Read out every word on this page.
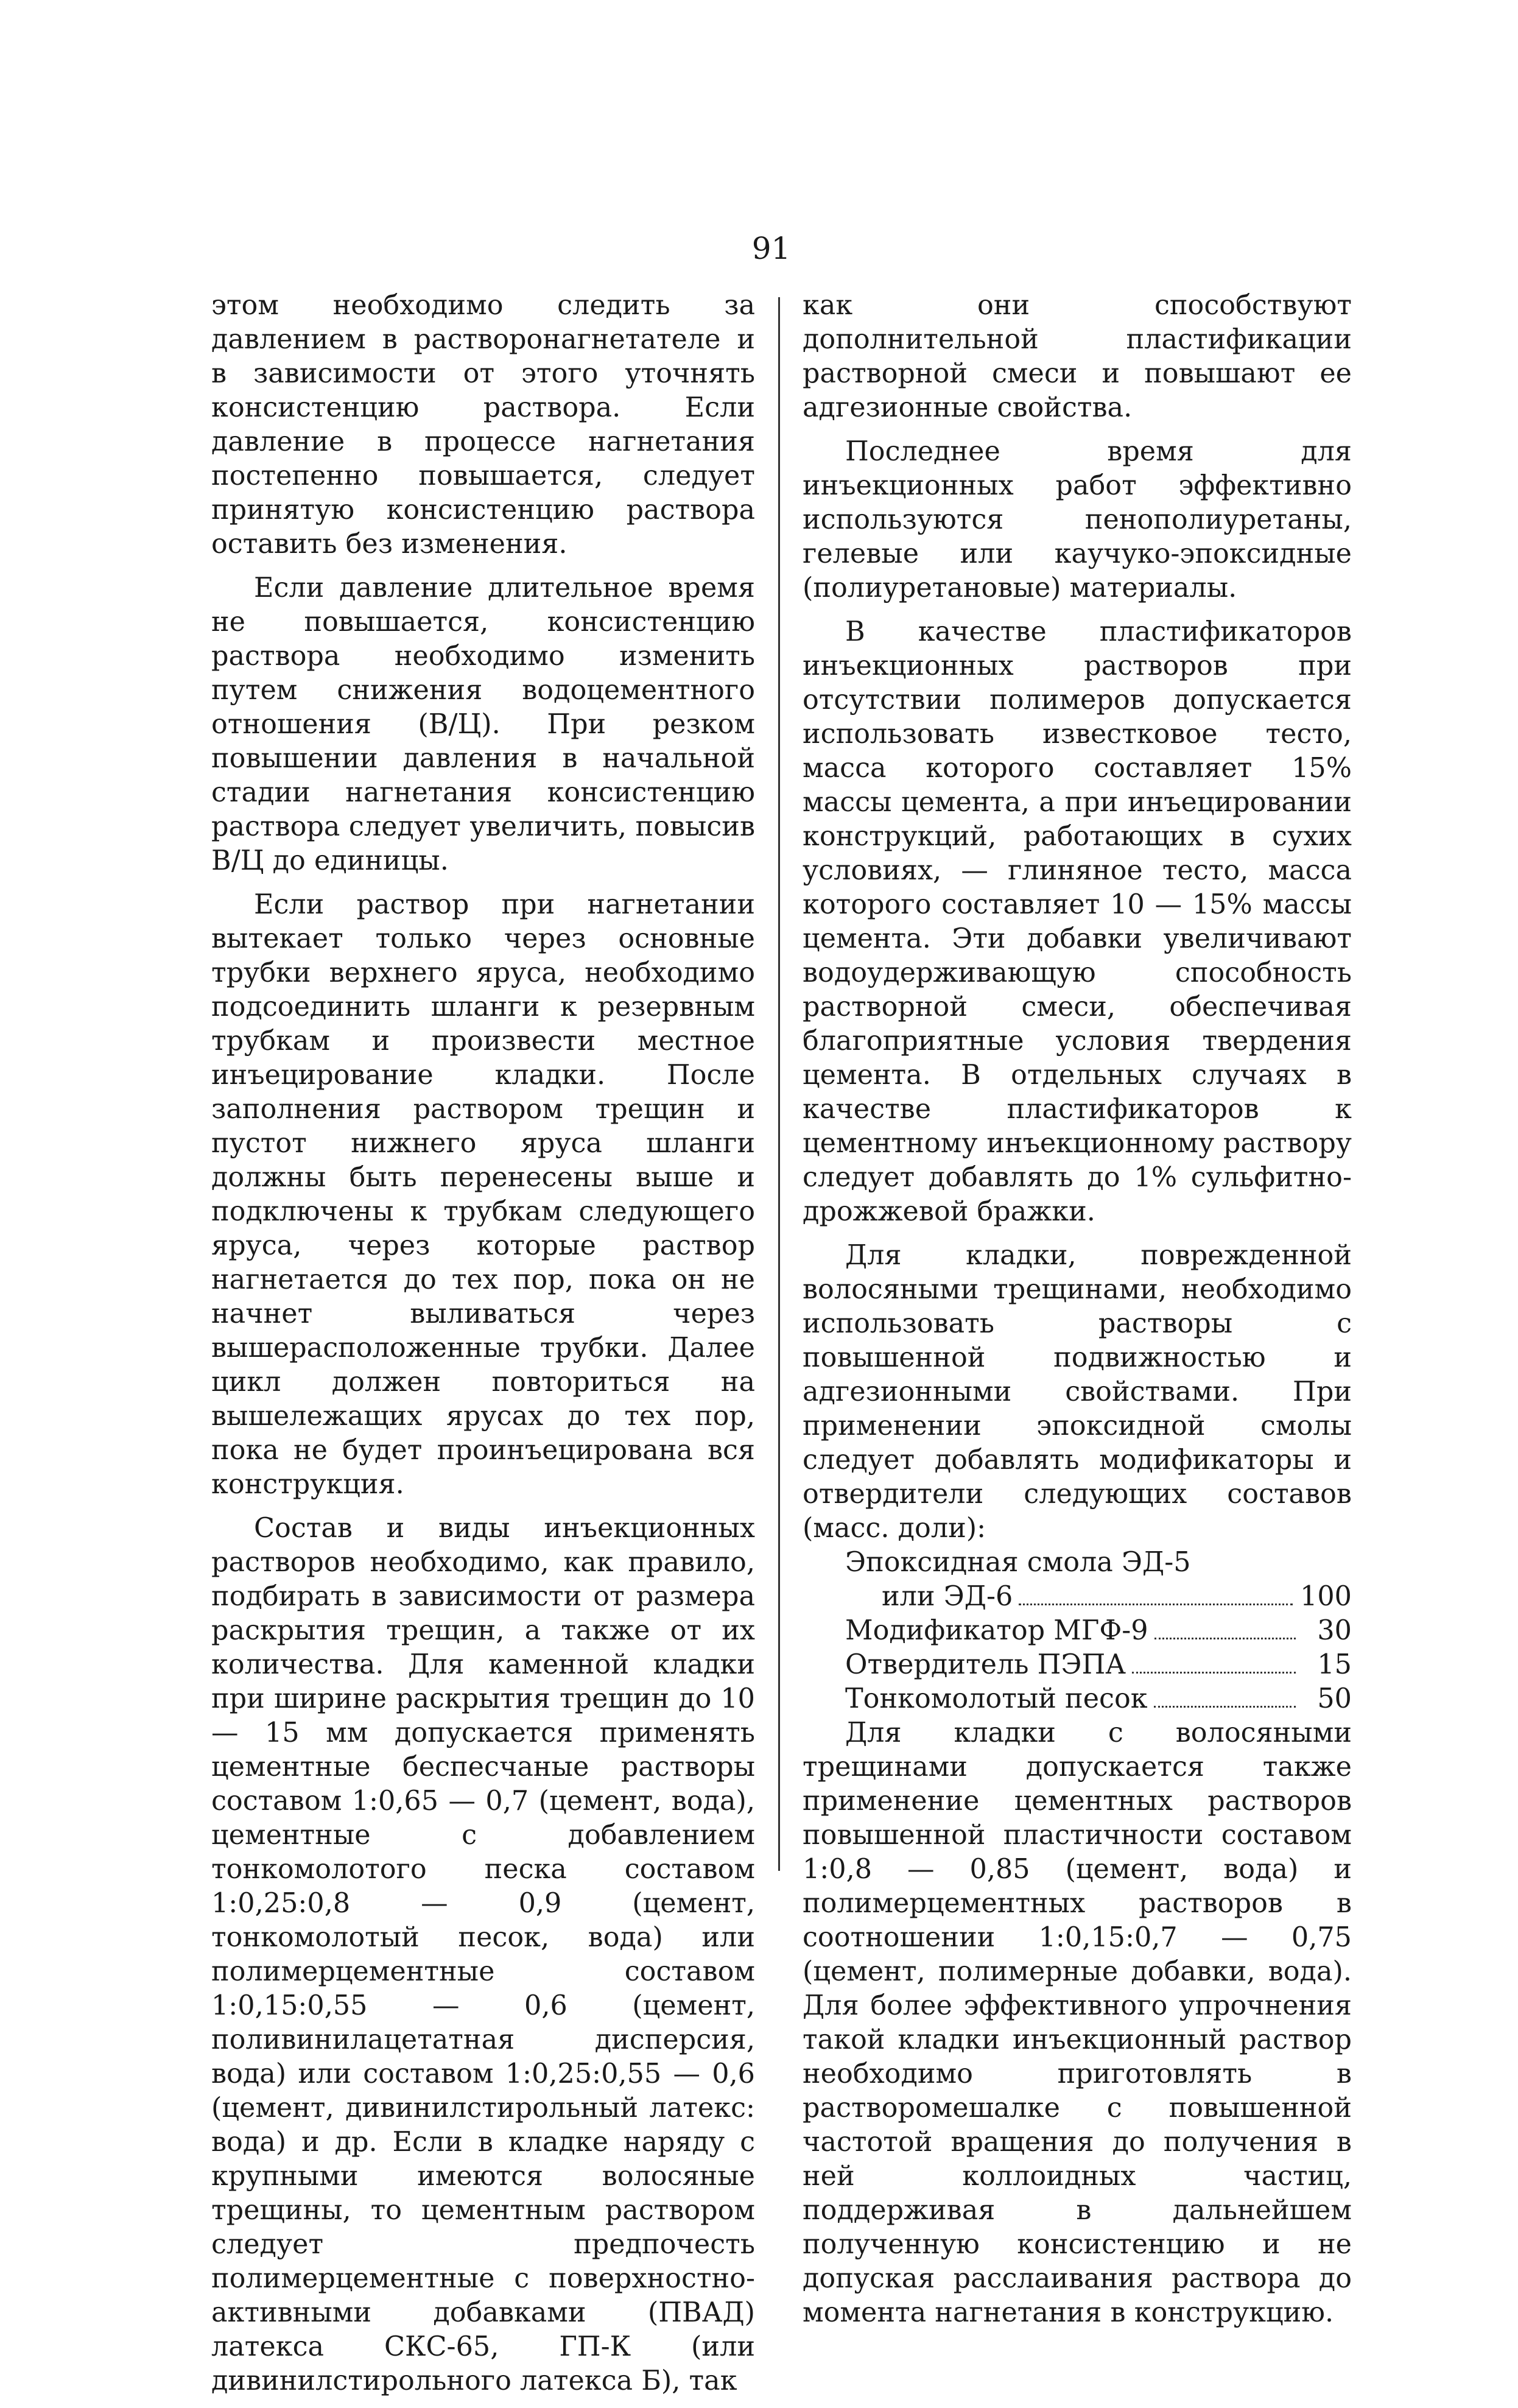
91

этом необходимо следить за давлением в растворонагнетателе и в зависимости от этого уточнять консистенцию раствора. Если давление в процессе нагнетания постепенно повышается, следует принятую консистенцию раствора оставить без изменения.

Если давление длительное время не повышается, консистенцию раствора необходимо изменить путем снижения водоцементного отношения (В/Ц). При резком повышении давления в начальной стадии нагнетания консистенцию раствора следует увеличить, повысив В/Ц до единицы.

Если раствор при нагнетании вытекает только через основные трубки верхнего яруса, необходимо подсоединить шланги к резервным трубкам и произвести местное инъецирование кладки. После заполнения раствором трещин и пустот нижнего яруса шланги должны быть перенесены выше и подключены к трубкам следующего яруса, через которые раствор нагнетается до тех пор, пока он не начнет выливаться через вышерасположенные трубки. Далее цикл должен повториться на вышележащих ярусах до тех пор, пока не будет проинъецирована вся конструкция.

Состав и виды инъекционных растворов необходимо, как правило, подбирать в зависимости от размера раскрытия трещин, а также от их количества. Для каменной кладки при ширине раскрытия трещин до 10 — 15 мм допускается применять цементные беспесчаные растворы составом 1:0,65 — 0,7 (цемент, вода), цементные с добавлением тонкомолотого песка составом 1:0,25:0,8 — 0,9 (цемент, тонкомолотый песок, вода) или полимерцементные составом 1:0,15:0,55 — 0,6 (цемент, поливинилацетатная дисперсия, вода) или составом 1:0,25:0,55 — 0,6 (цемент, дивинилстирольный латекс: вода) и др. Если в кладке наряду с крупными имеются волосяные трещины, то цементным раствором следует предпочесть полимерцементные с поверхностно-активными добавками (ПВАД) латекса СКС-65, ГП-К (или дивинилстирольного латекса Б), так

как они способствуют дополнительной пластификации растворной смеси и повышают ее адгезионные свойства.

Последнее время для инъекционных работ эффективно используются пенополиуретаны, гелевые или каучуко-эпоксидные (полиуретановые) материалы.

В качестве пластификаторов инъекционных растворов при отсутствии полимеров допускается использовать известковое тесто, масса которого составляет 15% массы цемента, а при инъецировании конструкций, работающих в сухих условиях, — глиняное тесто, масса которого составляет 10 — 15% массы цемента. Эти добавки увеличивают водоудерживающую способность растворной смеси, обеспечивая благоприятные условия твердения цемента. В отдельных случаях в качестве пластификаторов к цементному инъекционному раствору следует добавлять до 1% сульфитно-дрожжевой бражки.

Для кладки, поврежденной волосяными трещинами, необходимо использовать растворы с повышенной подвижностью и адгезионными свойствами. При применении эпоксидной смолы следует добавлять модификаторы и отвердители следующих составов (масс. доли):

Эпоксидная смола ЭД-5
или ЭД-6	100
Модификатор МГФ-9	30
Отвердитель ПЭПА	15
Тонкомолотый песок	50

Для кладки с волосяными трещинами допускается также применение цементных растворов повышенной пластичности составом 1:0,8 — 0,85 (цемент, вода) и полимерцементных растворов в соотношении 1:0,15:0,7 — 0,75 (цемент, полимерные добавки, вода). Для более эффективного упрочнения такой кладки инъекционный раствор необходимо приготовлять в растворомешалке с повышенной частотой вращения до получения в ней коллоидных частиц, поддерживая в дальнейшем полученную консистенцию и не допуская расслаивания раствора до момента нагнетания в конструкцию.
